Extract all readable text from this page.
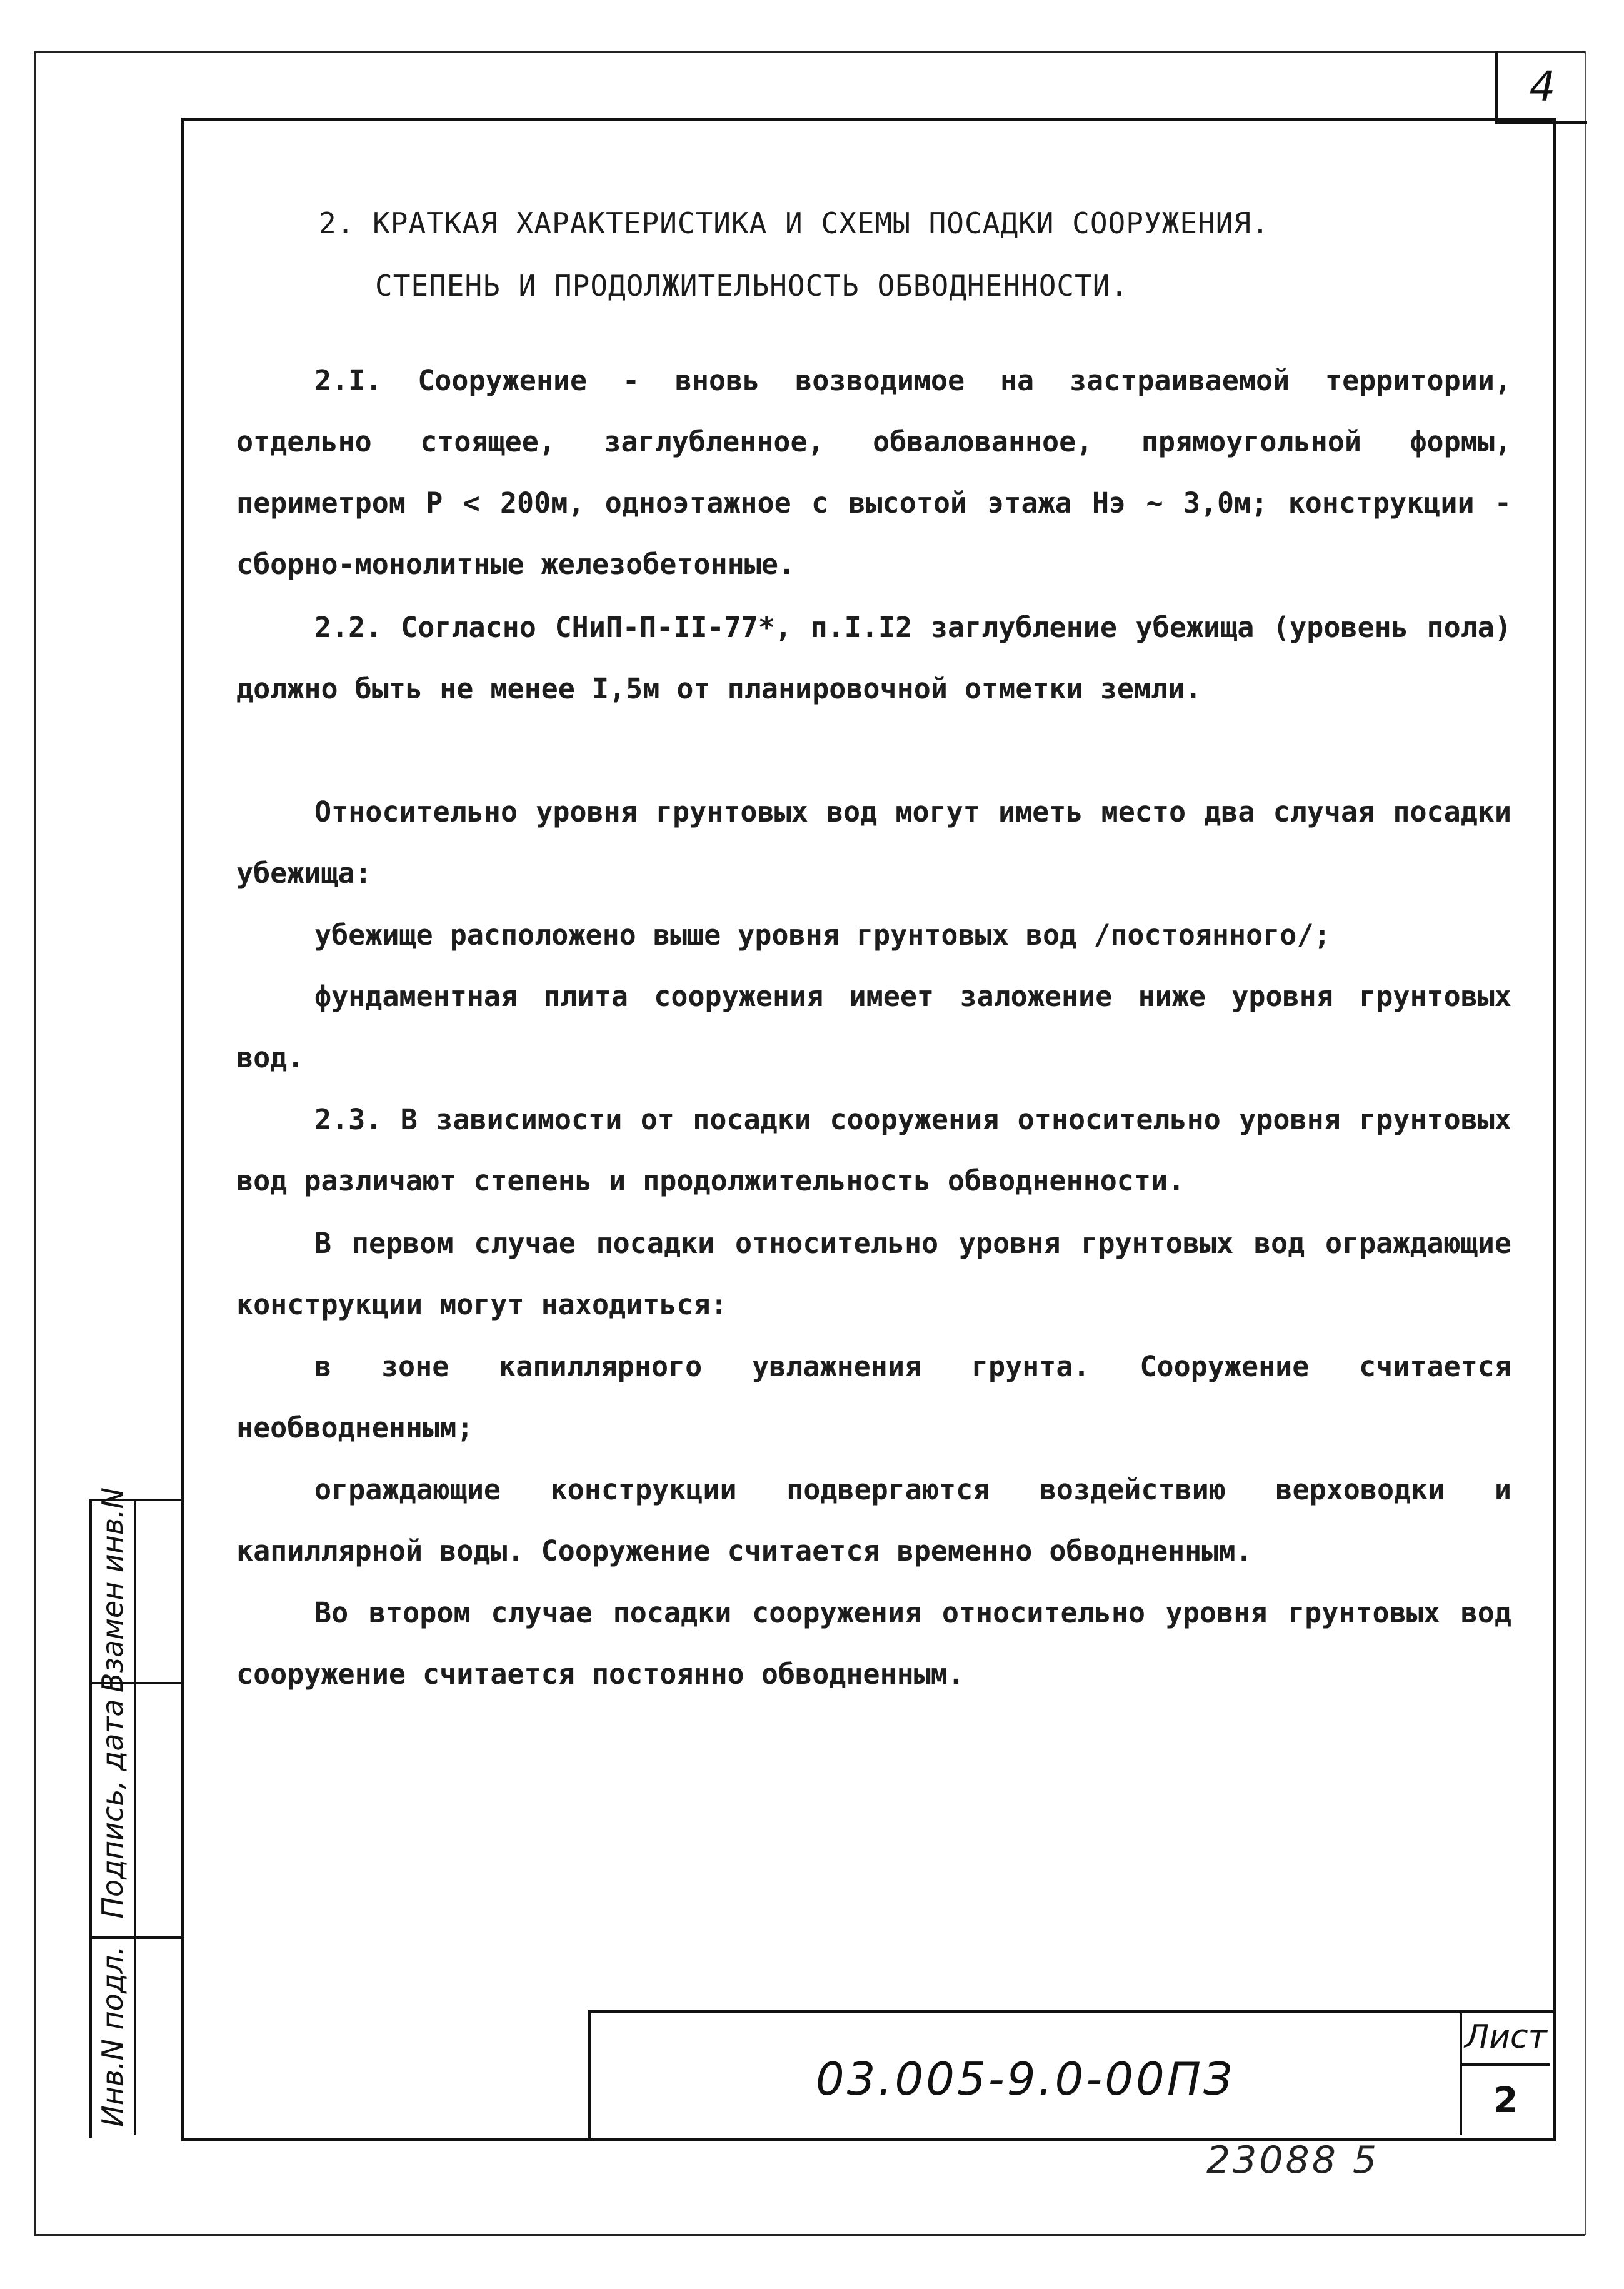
4
Инв.N подл.
Подпись, дата
Взамен инв.N
2. КРАТКАЯ ХАРАКТЕРИСТИКА И СХЕМЫ ПОСАДКИ СООРУЖЕНИЯ.
СТЕПЕНЬ И ПРОДОЛЖИТЕЛЬНОСТЬ ОБВОДНЕННОСТИ.
2.I. Сооружение - вновь возводимое на застраиваемой территории, отдельно стоящее, заглубленное, обвалованное, прямоугольной формы, периметром Р < 200м, одноэтажное с высотой этажа Нэ ~ 3,0м; конструкции - сборно-монолитные железобетонные.
2.2. Согласно СНиП-П-II-77*, п.I.I2 заглубление убежища (уровень пола) должно быть не менее I,5м от планировочной отметки земли.
Относительно уровня грунтовых вод могут иметь место два случая посадки убежища:
убежище расположено выше уровня грунтовых вод /постоянного/;
фундаментная плита сооружения имеет заложение ниже уровня грунтовых вод.
2.3. В зависимости от посадки сооружения относительно уровня грунтовых вод различают степень и продолжительность обводненности.
В первом случае посадки относительно уровня грунтовых вод ограждающие конструкции могут находиться:
в зоне капиллярного увлажнения грунта. Сооружение считается необводненным;
ограждающие конструкции подвергаются воздействию верховодки и капиллярной воды. Сооружение считается временно обводненным.
Во втором случае посадки сооружения относительно уровня грунтовых вод сооружение считается постоянно обводненным.
03.005-9.0-00ПЗ
Лист
2
23088 5
